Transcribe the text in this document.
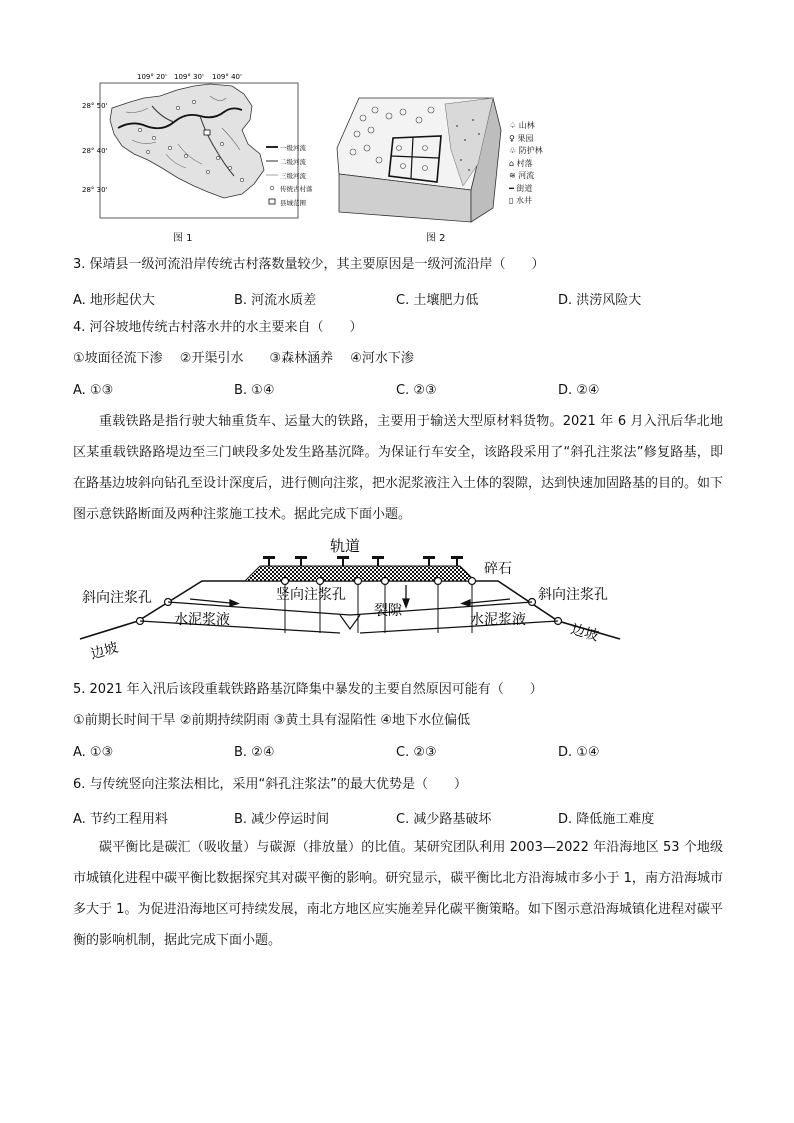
109° 20' 109° 30' 109° 40'
28° 50'
28° 40'
28° 30'
一级河流
二级河流
三级河流
传统古村落
县城范围
图 1
♤ 山林
♀ 果园
♧ 防护林
⌂ 村落
≋ 河流
━ 街道
▯ 水井
图 2
3. 保靖县一级河流沿岸传统古村落数量较少，其主要原因是一级河流沿岸（　　）
A. 地形起伏大	B. 河流水质差	C. 土壤肥力低	D. 洪涝风险大
4. 河谷坡地传统古村落水井的水主要来自（　　）
①坡面径流下渗　 ②开渠引水　　③森林涵养　 ④河水下渗
A. ①③	B. ①④	C. ②③	D. ②④
重载铁路是指行驶大轴重货车、运量大的铁路，主要用于输送大型原材料货物。2021 年 6 月入汛后华北地区某重载铁路路堤边至三门峡段多处发生路基沉降。为保证行车安全，该路段采用了“斜孔注浆法”修复路基，即在路基边坡斜向钻孔至设计深度后，进行侧向注浆，把水泥浆液注入土体的裂隙，达到快速加固路基的目的。如下图示意铁路断面及两种注浆施工技术。据此完成下面小题。
轨道
碎石
竖向注浆孔
裂隙
斜向注浆孔	斜向注浆孔
水泥浆液	水泥浆液
边坡
边坡
5. 2021 年入汛后该段重载铁路路基沉降集中暴发的主要自然原因可能有（　　）
①前期长时间干旱 ②前期持续阴雨 ③黄土具有湿陷性 ④地下水位偏低
A. ①③	B. ②④	C. ②③	D. ①④
6. 与传统竖向注浆法相比，采用“斜孔注浆法”的最大优势是（　　）
A. 节约工程用料	B. 减少停运时间	C. 减少路基破坏	D. 降低施工难度
碳平衡比是碳汇（吸收量）与碳源（排放量）的比值。某研究团队利用 2003—2022 年沿海地区 53 个地级市城镇化进程中碳平衡比数据探究其对碳平衡的影响。研究显示，碳平衡比北方沿海城市多小于 1，南方沿海城市多大于 1。为促进沿海地区可持续发展，南北方地区应实施差异化碳平衡策略。如下图示意沿海城镇化进程对碳平衡的影响机制，据此完成下面小题。
